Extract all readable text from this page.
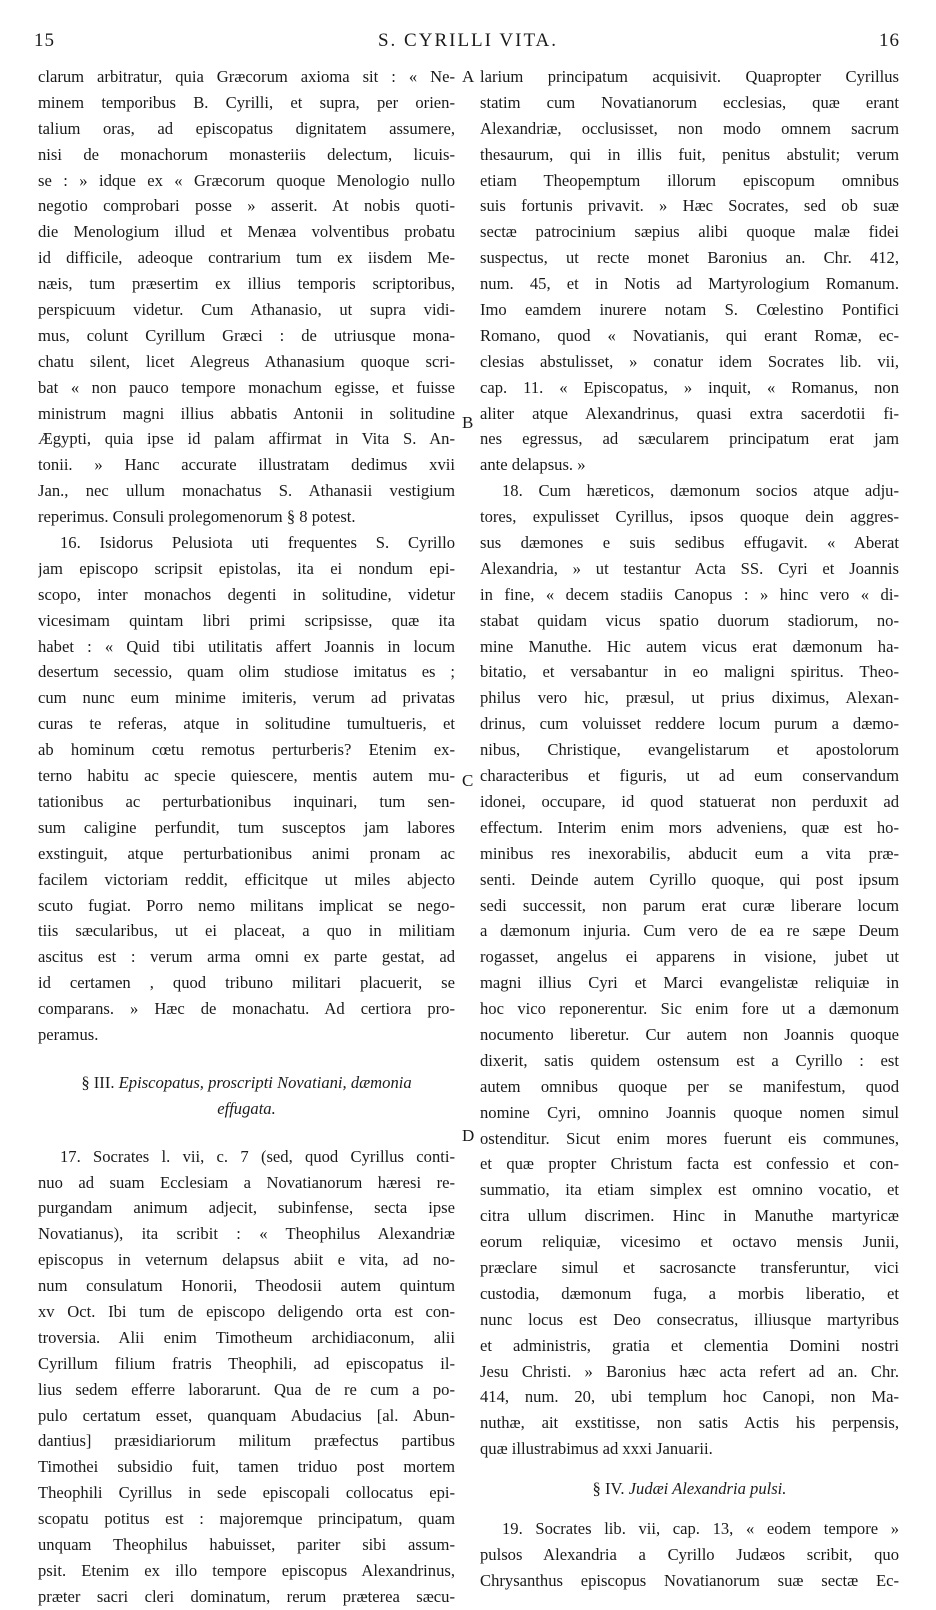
15	S. CYRILLI VITA.	16
A
B
C
D
clarum arbitratur, quia Græcorum axioma sit : « Ne-
minem temporibus B. Cyrilli, et supra, per orien-
talium oras, ad episcopatus dignitatem assumere,
nisi de monachorum monasteriis delectum, licuis-
se : » idque ex « Græcorum quoque Menologio nullo
negotio comprobari posse » asserit. At nobis quoti-
die Menologium illud et Menæa volventibus probatu
id difficile, adeoque contrarium tum ex iisdem Me-
næis, tum præsertim ex illius temporis scriptoribus,
perspicuum videtur. Cum Athanasio, ut supra vidi-
mus, colunt Cyrillum Græci : de utriusque mona-
chatu silent, licet Alegreus Athanasium quoque scri-
bat « non pauco tempore monachum egisse, et fuisse
ministrum magni illius abbatis Antonii in solitudine
Ægypti, quia ipse id palam affirmat in Vita S. An-
tonii. » Hanc accurate illustratam dedimus xvii
Jan., nec ullum monachatus S. Athanasii vestigium
reperimus. Consuli prolegomenorum § 8 potest.
16. Isidorus Pelusiota uti frequentes S. Cyrillo
jam episcopo scripsit epistolas, ita ei nondum epi-
scopo, inter monachos degenti in solitudine, videtur
vicesimam quintam libri primi scripsisse, quæ ita
habet : « Quid tibi utilitatis affert Joannis in locum
desertum secessio, quam olim studiose imitatus es ;
cum nunc eum minime imiteris, verum ad privatas
curas te referas, atque in solitudine tumultueris, et
ab hominum cœtu remotus perturberis? Etenim ex-
terno habitu ac specie quiescere, mentis autem mu-
tationibus ac perturbationibus inquinari, tum sen-
sum caligine perfundit, tum susceptos jam labores
exstinguit, atque perturbationibus animi pronam ac
facilem victoriam reddit, efficitque ut miles abjecto
scuto fugiat. Porro nemo militans implicat se nego-
tiis sæcularibus, ut ei placeat, a quo in militiam
ascitus est : verum arma omni ex parte gestat, ad
id certamen , quod tribuno militari placuerit, se
comparans. » Hæc de monachatu. Ad certiora pro-
peramus.
§ III. Episcopatus, proscripti Novatiani, dæmonia
effugata.
17. Socrates l. vii, c. 7 (sed, quod Cyrillus conti-
nuo ad suam Ecclesiam a Novatianorum hæresi re-
purgandam animum adjecit, subinfense, secta ipse
Novatianus), ita scribit : « Theophilus Alexandriæ
episcopus in veternum delapsus abiit e vita, ad no-
num consulatum Honorii, Theodosii autem quintum
xv Oct. Ibi tum de episcopo deligendo orta est con-
troversia. Alii enim Timotheum archidiaconum, alii
Cyrillum filium fratris Theophili, ad episcopatus il-
lius sedem efferre laborarunt. Qua de re cum a po-
pulo certatum esset, quanquam Abudacius [al. Abun-
dantius] præsidiariorum militum præfectus partibus
Timothei subsidio fuit, tamen triduo post mortem
Theophili Cyrillus in sede episcopali collocatus epi-
scopatu potitus est : majoremque principatum, quam
unquam Theophilus habuisset, pariter sibi assum-
psit. Etenim ex illo tempore episcopus Alexandrinus,
præter sacri cleri dominatum, rerum præterea sæcu-
larium principatum acquisivit. Quapropter Cyrillus
statim cum Novatianorum ecclesias, quæ erant
Alexandriæ, occlusisset, non modo omnem sacrum
thesaurum, qui in illis fuit, penitus abstulit; verum
etiam Theopemptum illorum episcopum omnibus
suis fortunis privavit. » Hæc Socrates, sed ob suæ
sectæ patrocinium sæpius alibi quoque malæ fidei
suspectus, ut recte monet Baronius an. Chr. 412,
num. 45, et in Notis ad Martyrologium Romanum.
Imo eamdem inurere notam S. Cœlestino Pontifici
Romano, quod « Novatianis, qui erant Romæ, ec-
clesias abstulisset, » conatur idem Socrates lib. vii,
cap. 11. « Episcopatus, » inquit, « Romanus, non
aliter atque Alexandrinus, quasi extra sacerdotii fi-
nes egressus, ad sæcularem principatum erat jam
ante delapsus. »
18. Cum hæreticos, dæmonum socios atque adju-
tores, expulisset Cyrillus, ipsos quoque dein aggres-
sus dæmones e suis sedibus effugavit. « Aberat
Alexandria, » ut testantur Acta SS. Cyri et Joannis
in fine, « decem stadiis Canopus : » hinc vero « di-
stabat quidam vicus spatio duorum stadiorum, no-
mine Manuthe. Hic autem vicus erat dæmonum ha-
bitatio, et versabantur in eo maligni spiritus. Theo-
philus vero hic, præsul, ut prius diximus, Alexan-
drinus, cum voluisset reddere locum purum a dæmo-
nibus, Christique, evangelistarum et apostolorum
characteribus et figuris, ut ad eum conservandum
idonei, occupare, id quod statuerat non perduxit ad
effectum. Interim enim mors adveniens, quæ est ho-
minibus res inexorabilis, abducit eum a vita præ-
senti. Deinde autem Cyrillo quoque, qui post ipsum
sedi successit, non parum erat curæ liberare locum
a dæmonum injuria. Cum vero de ea re sæpe Deum
rogasset, angelus ei apparens in visione, jubet ut
magni illius Cyri et Marci evangelistæ reliquiæ in
hoc vico reponerentur. Sic enim fore ut a dæmonum
nocumento liberetur. Cur autem non Joannis quoque
dixerit, satis quidem ostensum est a Cyrillo : est
autem omnibus quoque per se manifestum, quod
nomine Cyri, omnino Joannis quoque nomen simul
ostenditur. Sicut enim mores fuerunt eis communes,
et quæ propter Christum facta est confessio et con-
summatio, ita etiam simplex est omnino vocatio, et
citra ullum discrimen. Hinc in Manuthe martyricæ
eorum reliquiæ, vicesimo et octavo mensis Junii,
præclare simul et sacrosancte transferuntur, vici
custodia, dæmonum fuga, a morbis liberatio, et
nunc locus est Deo consecratus, illiusque martyribus
et administris, gratia et clementia Domini nostri
Jesu Christi. » Baronius hæc acta refert ad an. Chr.
414, num. 20, ubi templum hoc Canopi, non Ma-
nuthæ, ait exstitisse, non satis Actis his perpensis,
quæ illustrabimus ad xxxi Januarii.
§ IV. Judæi Alexandria pulsi.
19. Socrates lib. vii, cap. 13, « eodem tempore »
pulsos Alexandria a Cyrillo Judæos scribit, quo
Chrysanthus episcopus Novatianorum suæ sectæ Ec-
